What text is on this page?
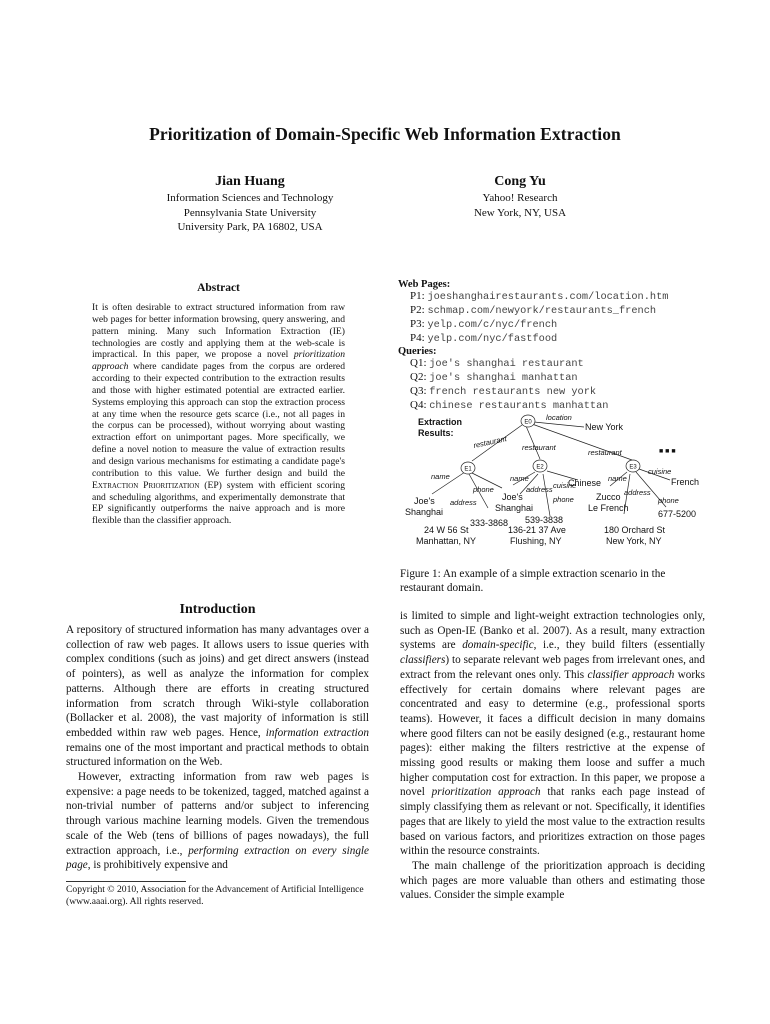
Prioritization of Domain-Specific Web Information Extraction
Jian Huang
Information Sciences and Technology
Pennsylvania State University
University Park, PA 16802, USA
Cong Yu
Yahoo! Research
New York, NY, USA
Abstract
It is often desirable to extract structured information from raw web pages for better information browsing, query answering, and pattern mining. Many such Information Extraction (IE) technologies are costly and applying them at the web-scale is impractical. In this paper, we propose a novel prioritization approach where candidate pages from the corpus are ordered according to their expected contribution to the extraction results and those with higher estimated potential are extracted earlier. Systems employing this approach can stop the extraction process at any time when the resource gets scarce (i.e., not all pages in the corpus can be processed), without worrying about wasting extraction effort on unimportant pages. More specifically, we define a novel notion to measure the value of extraction results and design various mechanisms for estimating a candidate page's contribution to this value. We further design and build the Extraction Prioritization (EP) system with efficient scoring and scheduling algorithms, and experimentally demonstrate that EP significantly outperforms the naive approach and is more flexible than the classifier approach.
Introduction

A repository of structured information has many advantages over a collection of raw web pages. It allows users to issue queries with complex conditions (such as joins) and get direct answers (instead of pointers), as well as analyze the information for complex patterns. Although there are efforts in creating structured information from scratch through Wiki-style collaboration (Bollacker et al. 2008), the vast majority of information is still embedded within raw web pages. Hence, information extraction remains one of the most important and practical methods to obtain structured information on the Web.

However, extracting information from raw web pages is expensive: a page needs to be tokenized, tagged, matched against a non-trivial number of patterns and/or subject to inferencing through various machine learning models. Given the tremendous scale of the Web (tens of billions of pages nowadays), the full extraction approach, i.e., performing extraction on every single page, is prohibitively expensive and

Copyright © 2010, Association for the Advancement of Artificial Intelligence (www.aaai.org). All rights reserved.
Web Pages:
P1: joeshanghairestaurants.com/location.htm
P2: schmap.com/newyork/restaurants_french
P3: yelp.com/c/nyc/french
P4: yelp.com/nyc/fastfood
Queries:
Q1: joe's shanghai restaurant
Q2: joe's shanghai manhattan
Q3: french restaurants new york
Q4: chinese restaurants manhattan
E0
E1	E2	E3
Extraction
Results:
location
New York
restaurant restaurant
restaurant	■ ■ ■
name
phone
address
Joe's
Shanghai
333-3868
24 W 56 St
Manhattan, NY
name
address cuisine
phone
Joe's
Shanghai
Chinese
539-3838
136-21 37 Ave
Flushing, NY
name
cuisine
address
phone
Zucco
Le French
French
677-5200
180 Orchard St
New York, NY
Figure 1: An example of a simple extraction scenario in the restaurant domain.

is limited to simple and light-weight extraction technologies only, such as Open-IE (Banko et al. 2007). As a result, many extraction systems are domain-specific, i.e., they build filters (essentially classifiers) to separate relevant web pages from irrelevant ones, and extract from the relevant ones only. This classifier approach works effectively for certain domains where relevant pages are concentrated and easy to determine (e.g., professional sports teams). However, it faces a difficult decision in many domains where good filters can not be easily designed (e.g., restaurant home pages): either making the filters restrictive at the expense of missing good results or making them loose and suffer a much higher computation cost for extraction. In this paper, we propose a novel prioritization approach that ranks each page instead of simply classifying them as relevant or not. Specifically, it identifies pages that are likely to yield the most value to the extraction results based on various factors, and prioritizes extraction on those pages within the resource constraints.

The main challenge of the prioritization approach is deciding which pages are more valuable than others and estimating those values. Consider the simple example
